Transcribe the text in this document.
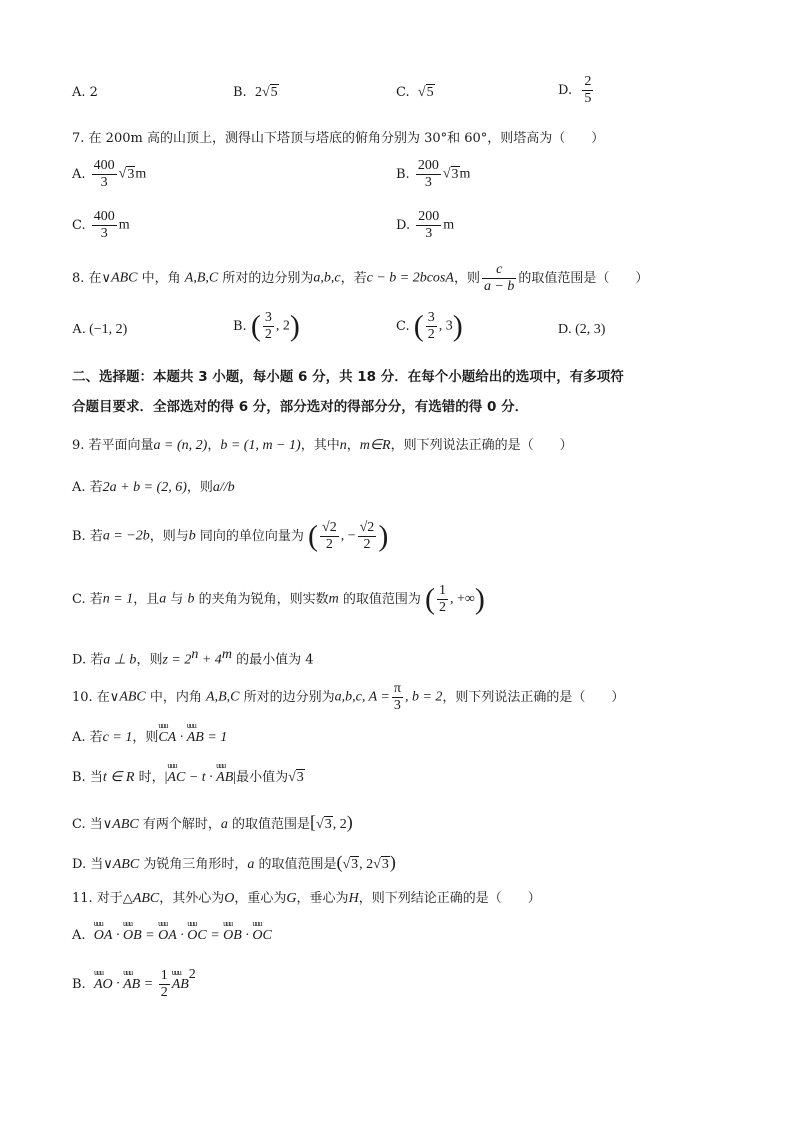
A. 2	B. 2√5	C. √5	D. $\frac{2}{5}$
7. 在 200m 高的山顶上，测得山下塔顶与塔底的俯角分别为 30°和 60°，则塔高为（　　）
A. $\frac{400}{3} √3m$	B. $\frac{200}{3} √3m$
C. $\frac{400}{3}$ m	D. $\frac{200}{3}$ m
8. 在∨ABC 中，角 A,B,C 所对的边分别为a,b,c，若c − b = 2bcosA，则 $\frac{c}{a - b}$ 的取值范围是（　　）
A. (−1, 2)	B. ( $\frac{3}{2}$ , 2)	C. ( $\frac{3}{2}$ , 3)	D. (2, 3)
二、选择题：本题共 3 小题，每小题 6 分，共 18 分．在每个小题给出的选项中，有多项符
合题目要求．全部选对的得 6 分，部分选对的得部分分，有选错的得 0 分．
9. 若平面向量a = (n, 2)，b = (1, m − 1)，其中n，m∈R，则下列说法正确的是（　　）
A. 若2a + b = (2, 6)，则a//b
B. 若a = −2b，则与b 同向的单位向量为 ( $\frac{√2}{2}$ , − $\frac{√2}{2}$ )
C. 若n = 1，且a 与 b 的夹角为锐角，则实数m 的取值范围为 ( $\frac{1}{2}$ , +∞)
D. 若a ⊥ b，则$z = 2^n + 4^m$ 的最小值为 4
10. 在∨ABC 中，内角 A,B,C 所对的边分别为a,b,c, $A = \frac{\pi}{3}$ , b = 2，则下列说法正确的是（　　）
A. 若c = 1，则uuu CA · uuu AB = 1
B. 当t ∈ R 时，|uuu AC − t · uuu AB|最小值为√3
C. 当∨ABC 有两个解时，a 的取值范围是[√3, 2)
D. 当∨ABC 为锐角三角形时，a 的取值范围是(√3, 2√3)
11. 对于△ABC，其外心为O，重心为G，垂心为H，则下列结论正确的是（　　）
A. uuu OA · uuu OB = uuu OA · uuu OC = uuu OB · uuu OC
B. uuu AO · uuu AB = $\frac{1}{2}$ uuu $AB^2$
